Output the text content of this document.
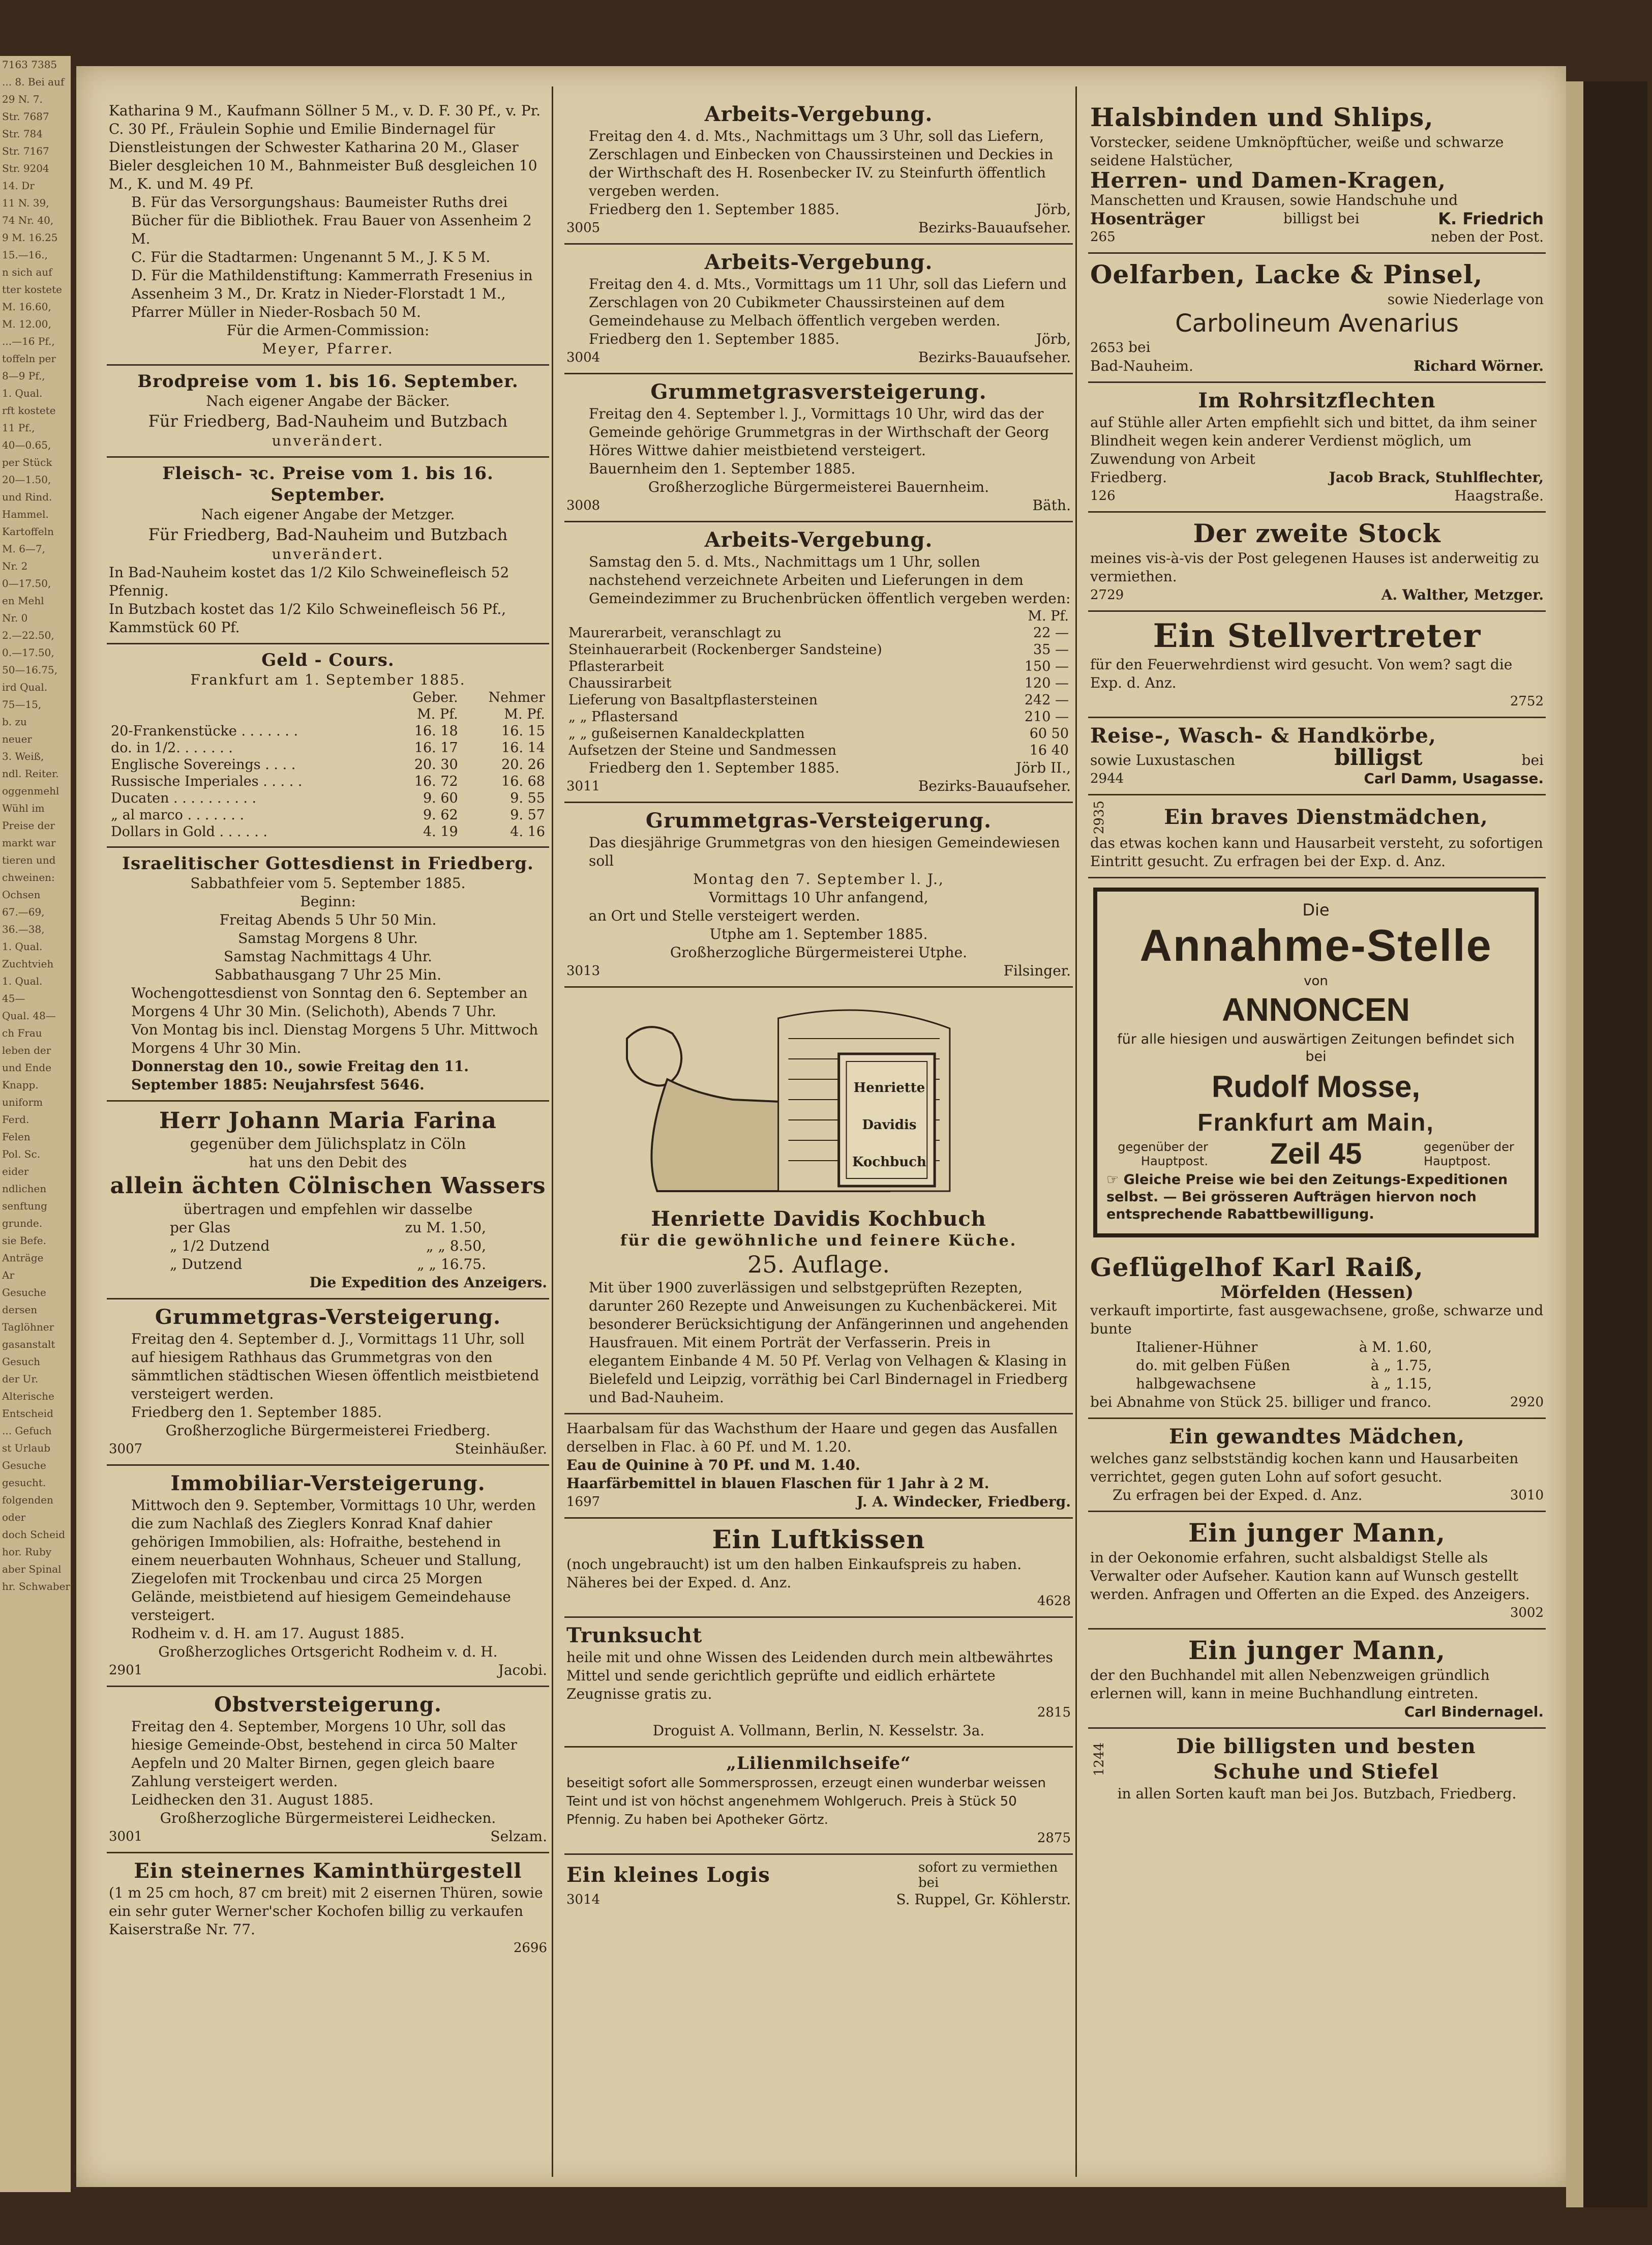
7163 7385
... 8. Bei auf
29 N. 7.
Str. 7687
Str. 784
Str. 7167
Str. 9204
14. Dr
11 N. 39,
74 Nr. 40,
9 M. 16.25
15.—16.,
n sich auf
tter kostete
M. 16.60,
M. 12.00,
...—16 Pf.,
toffeln per
8—9 Pf.,
1. Qual.
rft kostete
11 Pf.,
40—0.65,
per Stück
20—1.50,
und Rind.
Hammel.
Kartoffeln
M. 6—7,
Nr. 2
0—17.50,
en Mehl
Nr. 0
2.—22.50,
0.—17.50,
50—16.75,
ird Qual.
75—15,
b. zu
neuer
3. Weiß,
ndl. Reiter.
oggenmehl
Wühl im
Preise der
markt war
tieren und
chweinen:
Ochsen
67.—69,
36.—38,
1. Qual.
Zuchtvieh
1. Qual.
45—
Qual. 48—
ch Frau
leben der
und Ende
Knapp.
uniform
Ferd.
Felen
Pol. Sc.
eider
ndlichen
senftung
grunde.
sie Befe.
Anträge
Ar
Gesuche
dersen
Taglöhner
gasanstalt
Gesuch
der Ur.
Alterische
Entscheid
... Gefuch
st Urlaub
Gesuche
gesucht.
folgenden
oder
doch Scheid
hor. Ruby
aber Spinal
hr. Schwaber

Katharina 9 M., Kaufmann Söllner 5 M., v. D. F. 30 Pf., v. Pr. C. 30 Pf., Fräulein Sophie und Emilie Bindernagel für Dienstleistungen der Schwester Katharina 20 M., Glaser Bieler desgleichen 10 M., Bahnmeister Buß desgleichen 10 M., K. und M. 49 Pf.

B. Für das Versorgungshaus: Baumeister Ruths drei Bücher für die Bibliothek. Frau Bauer von Assenheim 2 M.

C. Für die Stadtarmen: Ungenannt 5 M., J. K 5 M.

D. Für die Mathildenstiftung: Kammerrath Fresenius in Assenheim 3 M., Dr. Kratz in Nieder-Florstadt 1 M., Pfarrer Müller in Nieder-Rosbach 50 M.

Für die Armen-Commission:

Meyer, Pfarrer.

Brodpreise vom 1. bis 16. September.

Nach eigener Angabe der Bäcker.

Für Friedberg, Bad-Nauheim und Butzbach

unverändert.

Fleisch- ꝛc. Preise vom 1. bis 16. September.

Nach eigener Angabe der Metzger.

Für Friedberg, Bad-Nauheim und Butzbach

unverändert.

In Bad-Nauheim kostet das 1/2 Kilo Schweinefleisch 52 Pfennig.

In Butzbach kostet das 1/2 Kilo Schweinefleisch 56 Pf., Kammstück 60 Pf.

Geld - Cours.

Frankfurt am 1. September 1885.

	Geber.	Nehmer
	M. Pf.	M. Pf.
20-Frankenstücke . . . . . . .	16. 18	16. 15
do. in 1/2. . . . . . .	16. 17	16. 14
Englische Sovereings . . . .	20. 30	20. 26
Russische Imperiales . . . . .	16. 72	16. 68
Ducaten . . . . . . . . . .	9. 60	9. 55
„ al marco . . . . . . .	9. 62	9. 57
Dollars in Gold . . . . . .	4. 19	4. 16

Israelitischer Gottesdienst in Friedberg.

Sabbathfeier vom 5. September 1885.

Beginn:

Freitag Abends 5 Uhr 50 Min.

Samstag Morgens 8 Uhr.

Samstag Nachmittags 4 Uhr.

Sabbathausgang 7 Uhr 25 Min.

Wochengottesdienst von Sonntag den 6. September an Morgens 4 Uhr 30 Min. (Selichoth), Abends 7 Uhr.

Von Montag bis incl. Dienstag Morgens 5 Uhr. Mittwoch Morgens 4 Uhr 30 Min.

Donnerstag den 10., sowie Freitag den 11. September 1885: Neujahrsfest 5646.

Herr Johann Maria Farina

gegenüber dem Jülichsplatz in Cöln

hat uns den Debit des

allein ächten Cölnischen Wassers

übertragen und empfehlen wir dasselbe

per Glas	zu M. 1.50,
„ 1/2 Dutzend	„ „ 8.50,
„ Dutzend	„ „ 16.75.

Die Expedition des Anzeigers.

Grummetgras-Versteigerung.

Freitag den 4. September d. J., Vormittags 11 Uhr, soll auf hiesigem Rathhaus das Grummetgras von den sämmtlichen städtischen Wiesen öffentlich meistbietend versteigert werden.

Friedberg den 1. September 1885.

Großherzogliche Bürgermeisterei Friedberg.

3007	Steinhäußer.

Immobiliar-Versteigerung.

Mittwoch den 9. September, Vormittags 10 Uhr, werden die zum Nachlaß des Zieglers Konrad Knaf dahier gehörigen Immobilien, als: Hofraithe, bestehend in einem neuerbauten Wohnhaus, Scheuer und Stallung, Ziegelofen mit Trockenbau und circa 25 Morgen Gelände, meistbietend auf hiesigem Gemeindehause versteigert.

Rodheim v. d. H. am 17. August 1885.

Großherzogliches Ortsgericht Rodheim v. d. H.

2901	Jacobi.

Obstversteigerung.

Freitag den 4. September, Morgens 10 Uhr, soll das hiesige Gemeinde-Obst, bestehend in circa 50 Malter Aepfeln und 20 Malter Birnen, gegen gleich baare Zahlung versteigert werden.

Leidhecken den 31. August 1885.

Großherzogliche Bürgermeisterei Leidhecken.

3001	Selzam.

Ein steinernes Kaminthürgestell

(1 m 25 cm hoch, 87 cm breit) mit 2 eisernen Thüren, sowie ein sehr guter Werner'scher Kochofen billig zu verkaufen Kaiserstraße Nr. 77.

2696

Arbeits-Vergebung.

Freitag den 4. d. Mts., Nachmittags um 3 Uhr, soll das Liefern, Zerschlagen und Einbecken von Chaussirsteinen und Deckies in der Wirthschaft des H. Rosenbecker IV. zu Steinfurth öffentlich vergeben werden.

Friedberg den 1. September 1885.	Jörb,
3005	Bezirks-Bauaufseher.

Arbeits-Vergebung.

Freitag den 4. d. Mts., Vormittags um 11 Uhr, soll das Liefern und Zerschlagen von 20 Cubikmeter Chaussirsteinen auf dem Gemeindehause zu Melbach öffentlich vergeben werden.

Friedberg den 1. September 1885.	Jörb,
3004	Bezirks-Bauaufseher.

Grummetgrasversteigerung.

Freitag den 4. September l. J., Vormittags 10 Uhr, wird das der Gemeinde gehörige Grummetgras in der Wirthschaft der Georg Höres Wittwe dahier meistbietend versteigert.

Bauernheim den 1. September 1885.

Großherzogliche Bürgermeisterei Bauernheim.

3008	Bäth.

Arbeits-Vergebung.

Samstag den 5. d. Mts., Nachmittags um 1 Uhr, sollen nachstehend verzeichnete Arbeiten und Lieferungen in dem Gemeindezimmer zu Bruchenbrücken öffentlich vergeben werden:

	M. Pf.
Maurerarbeit, veranschlagt zu	22 —
Steinhauerarbeit (Rockenberger Sandsteine)	35 —
Pflasterarbeit	150 —
Chaussirarbeit	120 —
Lieferung von Basaltpflastersteinen	242 —
„ „ Pflastersand	210 —
„ „ gußeisernen Kanaldeckplatten	60 50
Aufsetzen der Steine und Sandmessen	16 40
Friedberg den 1. September 1885.	Jörb II.,
3011	Bezirks-Bauaufseher.

Grummetgras-Versteigerung.

Das diesjährige Grummetgras von den hiesigen Gemeindewiesen soll

Montag den 7. September l. J.,

Vormittags 10 Uhr anfangend,

an Ort und Stelle versteigert werden.

Utphe am 1. September 1885.

Großherzogliche Bürgermeisterei Utphe.

3013	Filsinger.
Henriette
Davidis
Kochbuch

Henriette Davidis Kochbuch

für die gewöhnliche und feinere Küche.

25. Auflage.

Mit über 1900 zuverlässigen und selbstgeprüften Rezepten, darunter 260 Rezepte und Anweisungen zu Kuchenbäckerei. Mit besonderer Berücksichtigung der Anfängerinnen und angehenden Hausfrauen. Mit einem Porträt der Verfasserin. Preis in elegantem Einbande 4 M. 50 Pf. Verlag von Velhagen & Klasing in Bielefeld und Leipzig, vorräthig bei Carl Bindernagel in Friedberg und Bad-Nauheim.

Haarbalsam für das Wachsthum der Haare und gegen das Ausfallen derselben in Flac. à 60 Pf. und M. 1.20.

Eau de Quinine à 70 Pf. und M. 1.40.

Haarfärbemittel in blauen Flaschen für 1 Jahr à 2 M.

1697	J. A. Windecker, Friedberg.

Ein Luftkissen

(noch ungebraucht) ist um den halben Einkaufspreis zu haben. Näheres bei der Exped. d. Anz.

4628

Trunksucht

heile mit und ohne Wissen des Leidenden durch mein altbewährtes Mittel und sende gerichtlich geprüfte und eidlich erhärtete Zeugnisse gratis zu.

2815

Droguist A. Vollmann, Berlin, N. Kesselstr. 3a.

„Lilienmilchseife“

beseitigt sofort alle Sommersprossen, erzeugt einen wunderbar weissen Teint und ist von höchst angenehmem Wohlgeruch. Preis à Stück 50 Pfennig. Zu haben bei Apotheker Görtz.

2875

Ein kleines Logis	sofort zu vermiethen bei
3014	S. Ruppel, Gr. Köhlerstr.

Halsbinden und Shlips,

Vorstecker, seidene Umknöpftücher, weiße und schwarze seidene Halstücher,

Herren- und Damen-Kragen,

Manschetten und Krausen, sowie Handschuhe und

Hosenträger	billigst bei	K. Friedrich
265	neben der Post.

Oelfarben, Lacke & Pinsel,

sowie Niederlage von

Carbolineum Avenarius

2653 bei
Bad-Nauheim.	Richard Wörner.

Im Rohrsitzflechten

auf Stühle aller Arten empfiehlt sich und bittet, da ihm seiner Blindheit wegen kein anderer Verdienst möglich, um Zuwendung von Arbeit

Friedberg.	Jacob Brack, Stuhlflechter,
126	Haagstraße.

Der zweite Stock

meines vis-à-vis der Post gelegenen Hauses ist anderweitig zu vermiethen.

2729	A. Walther, Metzger.

Ein Stellvertreter

für den Feuerwehrdienst wird gesucht. Von wem? sagt die Exp. d. Anz.

2752

Reise-, Wasch- & Handkörbe,

sowie Luxustaschen	billigst	bei
2944	Carl Damm, Usagasse.
2935	Ein braves Dienstmädchen,

das etwas kochen kann und Hausarbeit versteht, zu sofortigen Eintritt gesucht. Zu erfragen bei der Exp. d. Anz.

Die

Annahme-Stelle

von

ANNONCEN

für alle hiesigen und auswärtigen Zeitungen befindet sich bei

Rudolf Mosse,

Frankfurt am Main,

gegenüber der Hauptpost. Zeil 45	gegenüber der Hauptpost.

☞ Gleiche Preise wie bei den Zeitungs-Expeditionen selbst. — Bei grösseren Aufträgen hiervon noch entsprechende Rabattbewilligung.

Geflügelhof Karl Raiß,

Mörfelden (Hessen)

verkauft importirte, fast ausgewachsene, große, schwarze und bunte

Italiener-Hühner	à M. 1.60,
do. mit gelben Füßen	à „ 1.75,
halbgewachsene	à „ 1.15,
bei Abnahme von Stück 25. billiger und franco.	2920

Ein gewandtes Mädchen,

welches ganz selbstständig kochen kann und Hausarbeiten verrichtet, gegen guten Lohn auf sofort gesucht.

Zu erfragen bei der Exped. d. Anz.	3010

Ein junger Mann,

in der Oekonomie erfahren, sucht alsbaldigst Stelle als Verwalter oder Aufseher. Kaution kann auf Wunsch gestellt werden. Anfragen und Offerten an die Exped. des Anzeigers.

3002

Ein junger Mann,

der den Buchhandel mit allen Nebenzweigen gründlich erlernen will, kann in meine Buchhandlung eintreten.

Carl Bindernagel.

1244	Die billigsten und besten
Schuhe und Stiefel

in allen Sorten kauft man bei Jos. Butzbach, Friedberg.
